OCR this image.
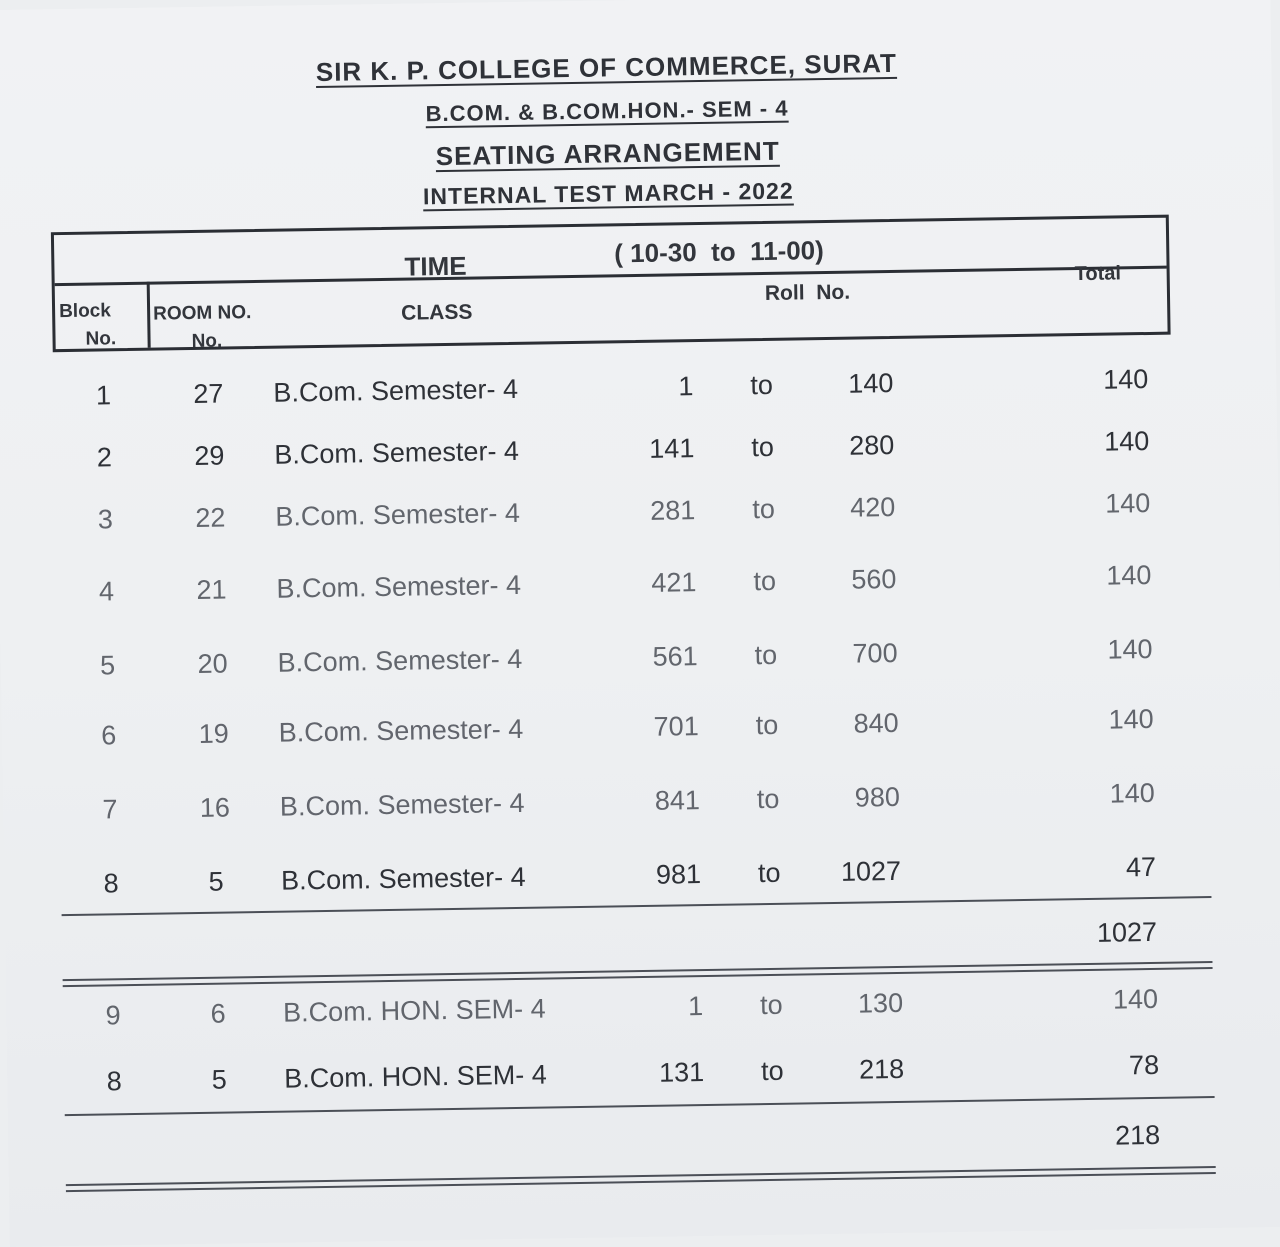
SIR K. P. COLLEGE OF COMMERCE, SURAT
B.COM. & B.COM.HON.- SEM - 4
SEATING ARRANGEMENT
INTERNAL TEST MARCH - 2022
TIME	( 10-30  to  11-00)
Block
No.
ROOM NO.
No.
CLASS
Roll  No.
Total
1	27	B.Com. Semester- 4	1 to	140	140
2	29	B.Com. Semester- 4	141 to	280	140
3	22	B.Com. Semester- 4	281 to	420	140
4	21	B.Com. Semester- 4	421 to	560	140
5	20	B.Com. Semester- 4	561 to	700	140
6	19	B.Com. Semester- 4	701 to	840	140
7	16	B.Com. Semester- 4	841 to	980	140
8	5	B.Com. Semester- 4	981 to	1027	47
1027
9	6	B.Com. HON. SEM- 4	1 to	130	140
8	5	B.Com. HON. SEM- 4	131 to	218	78
218
